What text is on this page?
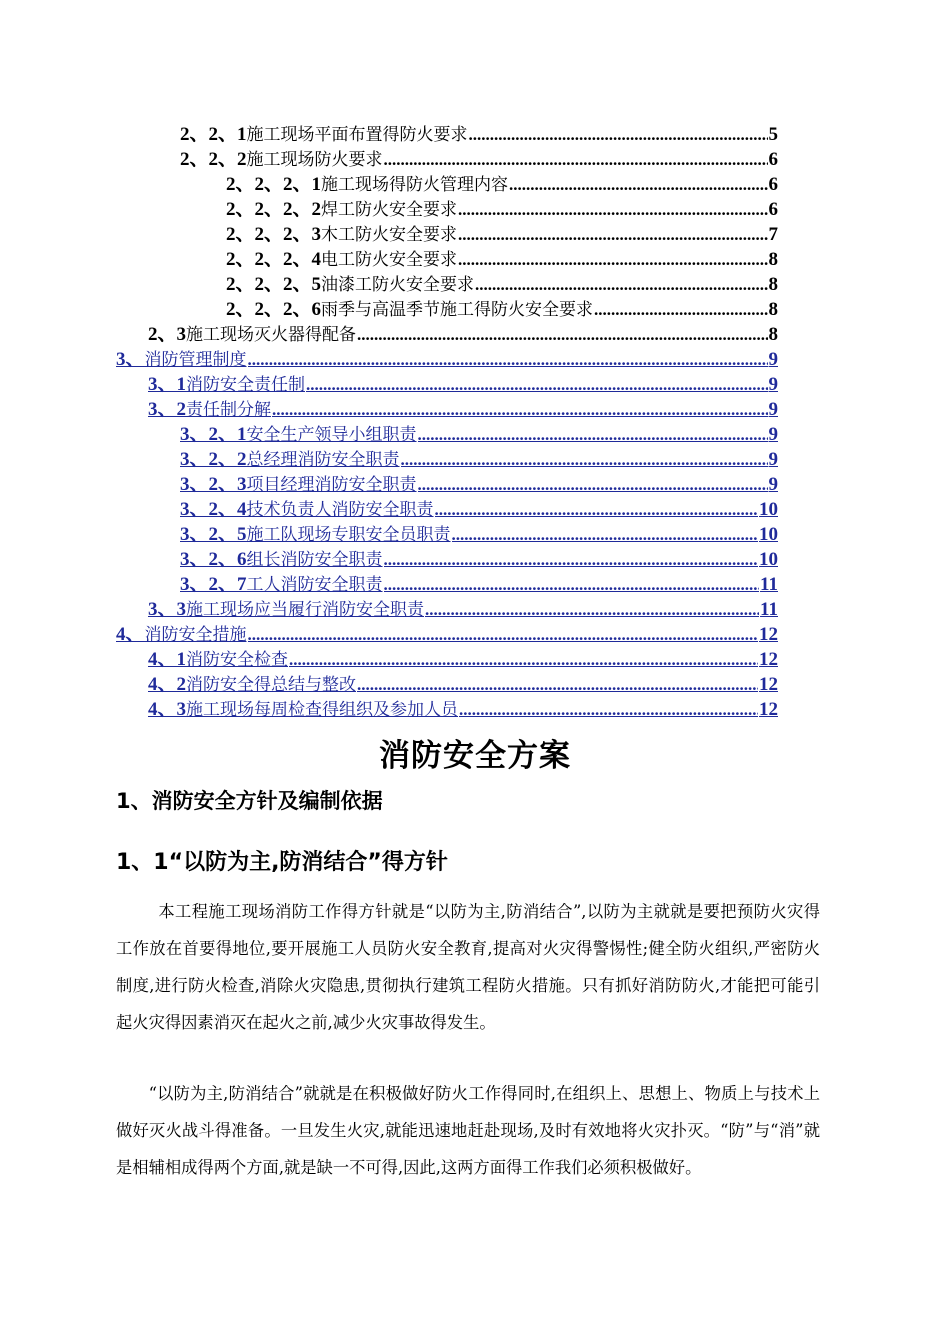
2、2、1 施工现场平面布置得防火要求 .....	5
2、2、2 施工现场防火要求 .....	6
2、2、2、1 施工现场得防火管理内容 .....	6
2、2、2、2 焊工防火安全要求 .....	6
2、2、2、3 木工防火安全要求 .....	7
2、2、2、4 电工防火安全要求 .....	8
2、2、2、5 油漆工防火安全要求 .....	8
2、2、2、6 雨季与高温季节施工得防火安全要求 .....	8
2、3 施工现场灭火器得配备 .....	8
3、 消防管理制度 .....	9
3、1 消防安全责任制 .....	9
3、2 责任制分解 .....	9
3、2、1 安全生产领导小组职责 .....	9
3、2、2 总经理消防安全职责 .....	9
3、2、3 项目经理消防安全职责 .....	9
3、2、4 技术负责人消防安全职责 .....	10
3、2、5 施工队现场专职安全员职责 .....	10
3、2、6 组长消防安全职责 .....	10
3、2、7 工人消防安全职责 .....	11
3、3 施工现场应当履行消防安全职责 .....	11
4、 消防安全措施 .....	12
4、1 消防安全检查 .....	12
4、2 消防安全得总结与整改 .....	12
4、3 施工现场每周检查得组织及参加人员 .....	12
消防安全方案
1、消防安全方针及编制依据
1、1“以防为主,防消结合”得方针

本工程施工现场消防工作得方针就是“以防为主,防消结合”,以防为主就就是要把预防火灾得工作放在首要得地位,要开展施工人员防火安全教育,提高对火灾得警惕性;健全防火组织,严密防火制度,进行防火检查,消除火灾隐患,贯彻执行建筑工程防火措施。只有抓好消防防火,才能把可能引起火灾得因素消灭在起火之前,减少火灾事故得发生。

“以防为主,防消结合”就就是在积极做好防火工作得同时,在组织上、思想上、物质上与技术上做好灭火战斗得准备。一旦发生火灾,就能迅速地赶赴现场,及时有效地将火灾扑灭。“防”与“消”就是相辅相成得两个方面,就是缺一不可得,因此,这两方面得工作我们必须积极做好。
